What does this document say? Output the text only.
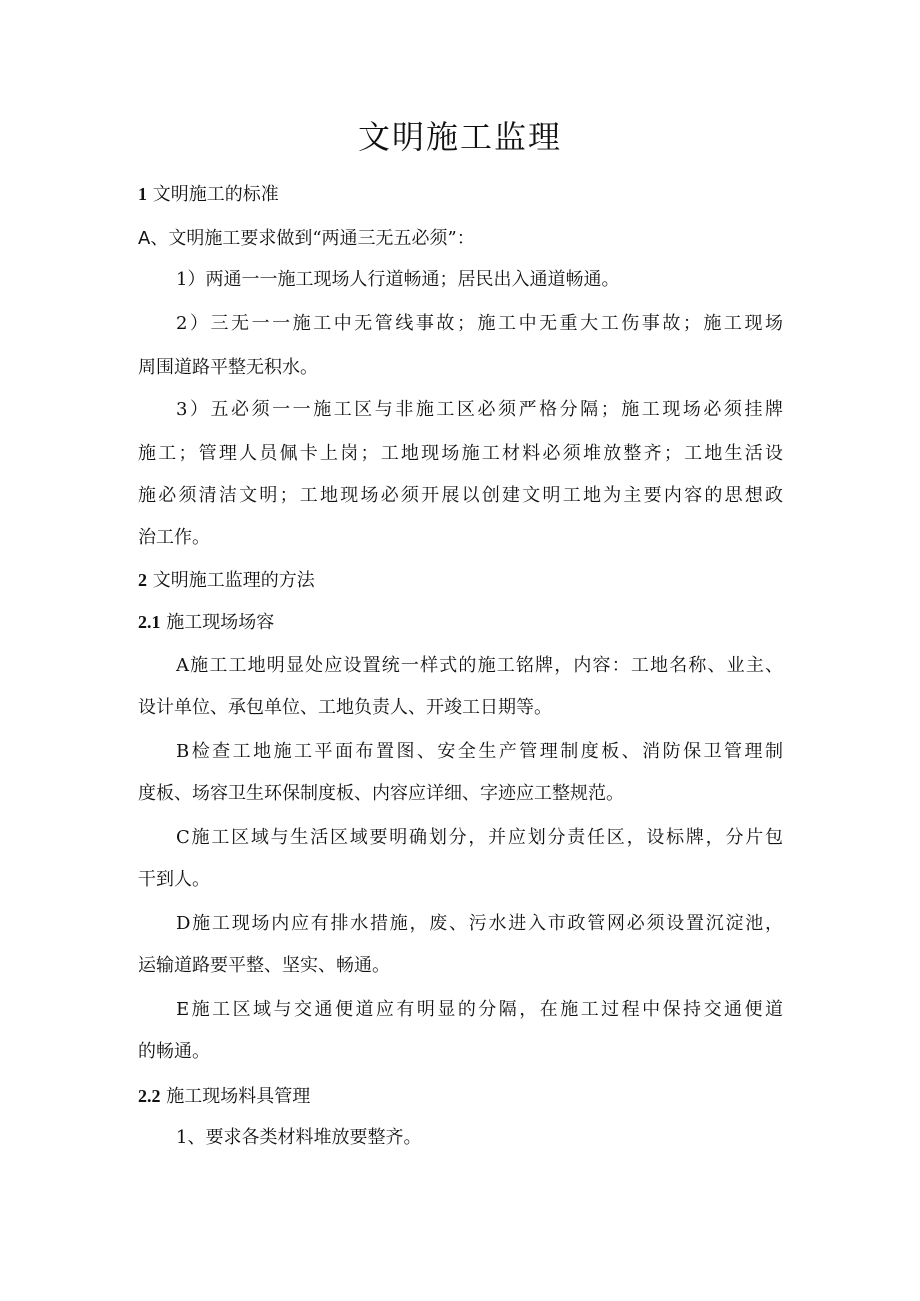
文明施工监理
1 文明施工的标准
A、文明施工要求做到“两通三无五必须”：
1）两通一一施工现场人行道畅通；居民出入通道畅通。
2）三无一一施工中无管线事故；施工中无重大工伤事故；施工现场
周围道路平整无积水。
3）五必须一一施工区与非施工区必须严格分隔；施工现场必须挂牌
施工；管理人员佩卡上岗；工地现场施工材料必须堆放整齐；工地生活设
施必须清洁文明；工地现场必须开展以创建文明工地为主要内容的思想政
治工作。
2 文明施工监理的方法
2.1 施工现场场容
A施工工地明显处应设置统一样式的施工铭牌，内容：工地名称、业主、
设计单位、承包单位、工地负责人、开竣工日期等。
B检查工地施工平面布置图、安全生产管理制度板、消防保卫管理制
度板、场容卫生环保制度板、内容应详细、字迹应工整规范。
C施工区域与生活区域要明确划分，并应划分责任区，设标牌，分片包
干到人。
D施工现场内应有排水措施，废、污水进入市政管网必须设置沉淀池，
运输道路要平整、坚实、畅通。
E施工区域与交通便道应有明显的分隔，在施工过程中保持交通便道
的畅通。
2.2 施工现场料具管理
1、要求各类材料堆放要整齐。
